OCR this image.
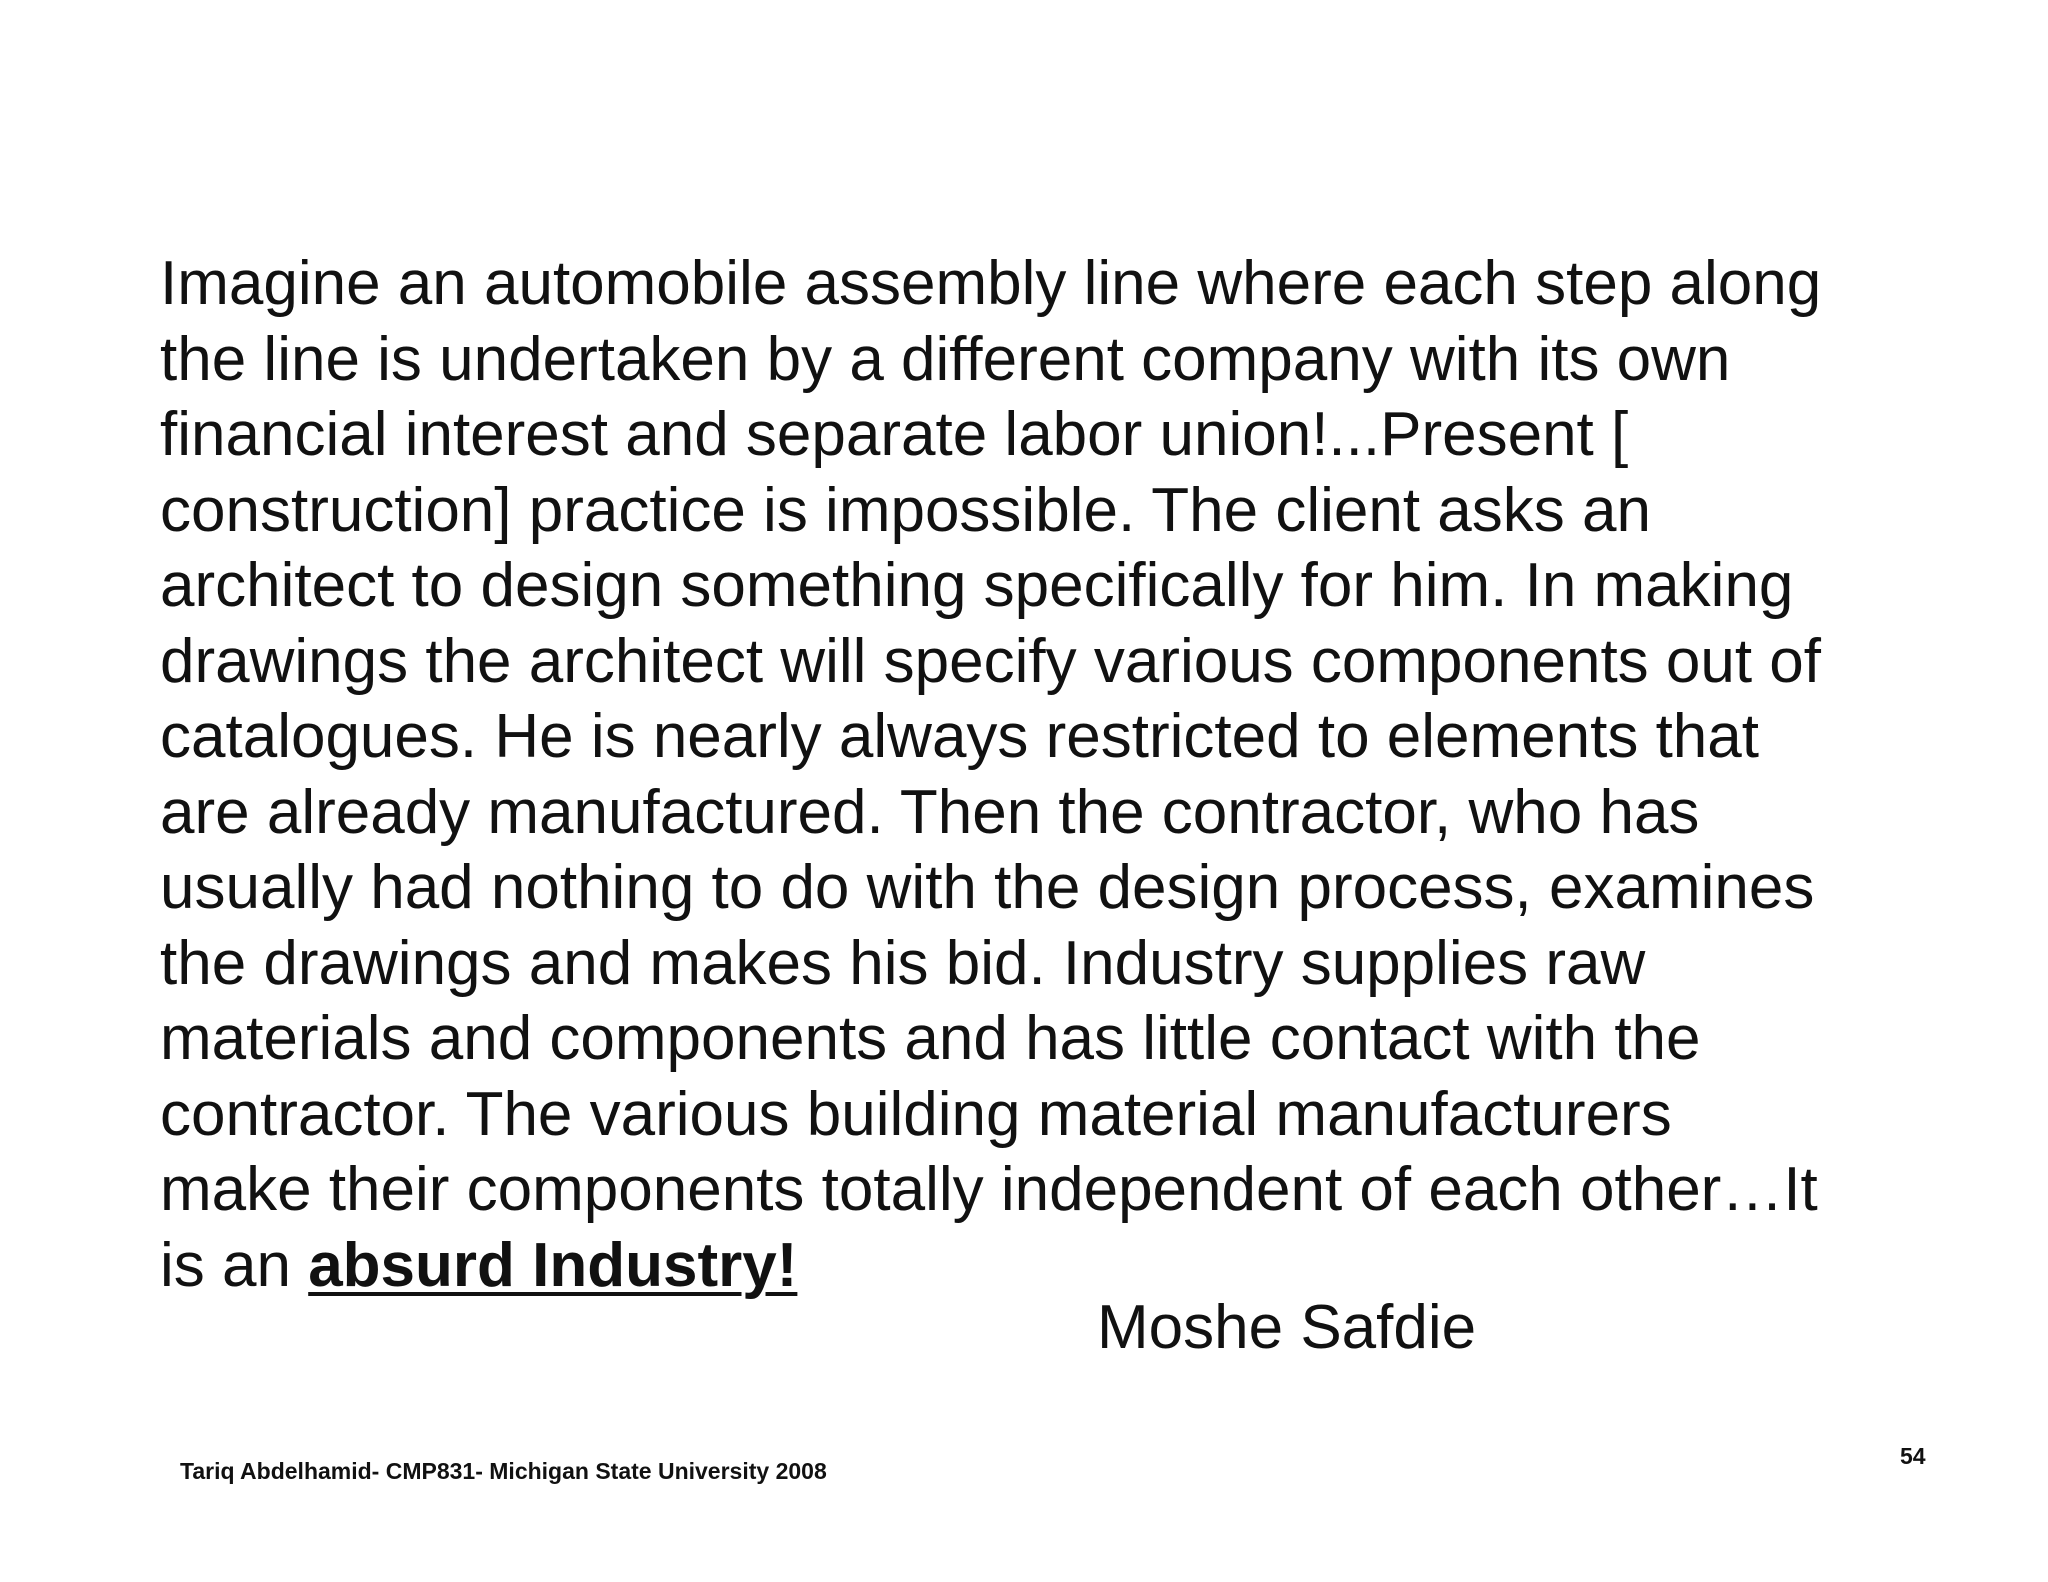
Imagine an automobile assembly line where each step along
the line is undertaken by a different company with its own
financial interest and separate labor union!...Present [
construction] practice is impossible. The client asks an
architect to design something specifically for him. In making
drawings the architect will specify various components out of
catalogues. He is nearly always restricted to elements that
are already manufactured. Then the contractor, who has
usually had nothing to do with the design process, examines
the drawings and makes his bid. Industry supplies raw
materials and components and has little contact with the
contractor. The various building material manufacturers
make their components totally independent of each other…It
is an absurd Industry!
Moshe Safdie
Tariq Abdelhamid- CMP831- Michigan State University 2008
54
